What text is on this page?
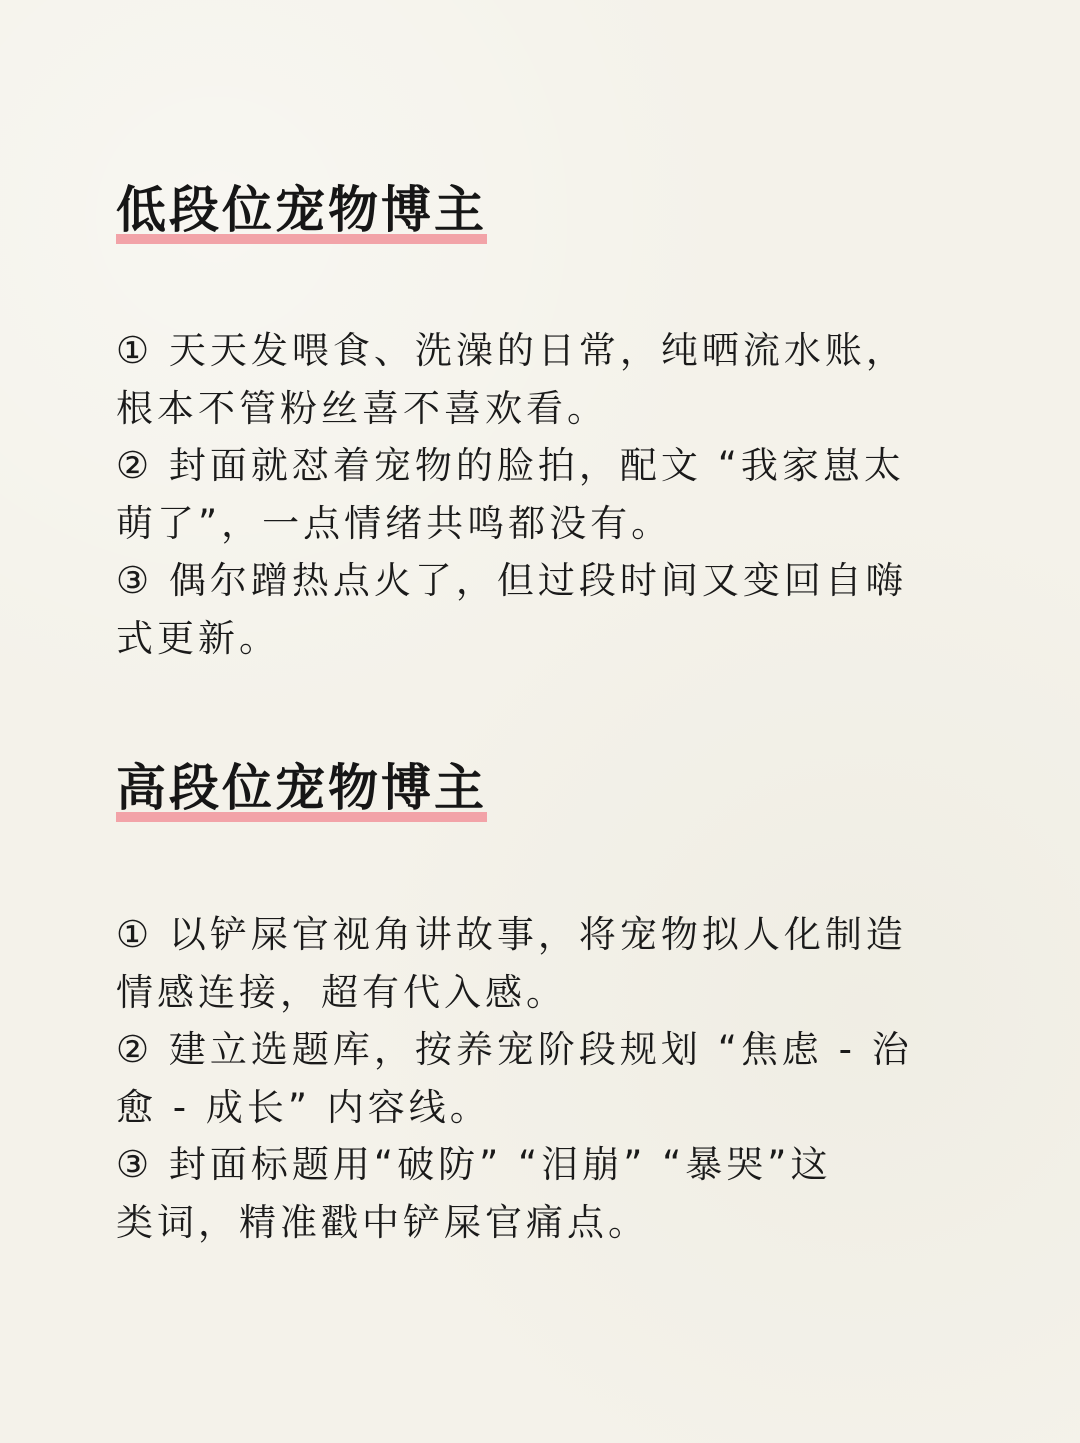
低段位宠物博主

① 天天发喂食、洗澡的日常，纯晒流水账，

根本不管粉丝喜不喜欢看。

② 封面就怼着宠物的脸拍，配文 “我家崽太

萌了”，一点情绪共鸣都没有。

③ 偶尔蹭热点火了，但过段时间又变回自嗨

式更新。

高段位宠物博主

① 以铲屎官视角讲故事，将宠物拟人化制造

情感连接，超有代入感。

② 建立选题库，按养宠阶段规划 “焦虑 - 治

愈 - 成长” 内容线。

③ 封面标题用“破防” “泪崩” “暴哭”这

类词，精准戳中铲屎官痛点。
